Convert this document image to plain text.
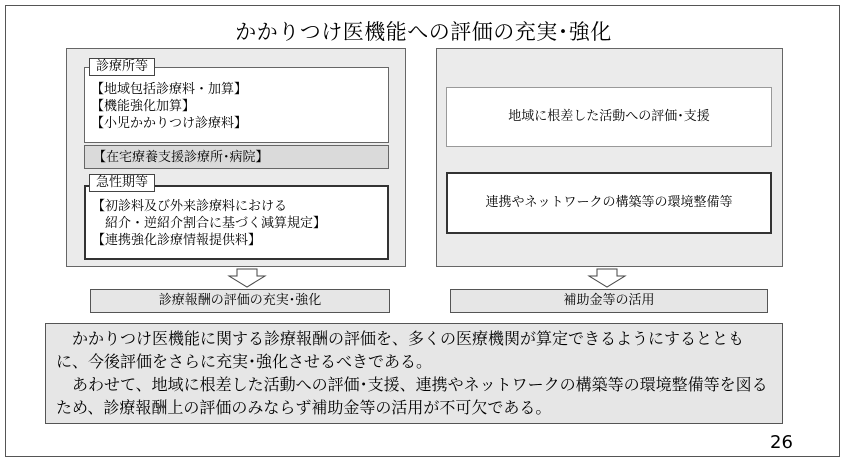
かかりつけ医機能への評価の充実･強化
【地域包括診療料・加算】
【機能強化加算】
【小児かかりつけ診療料】
診療所等
【在宅療養支援診療所･病院】
【初診料及び外来診療料における
　紹介・逆紹介割合に基づく減算規定】
【連携強化診療情報提供料】
急性期等
地域に根差した活動への評価･支援
連携やネットワークの構築等の環境整備等
診療報酬の評価の充実･強化	補助金等の活用

　かかりつけ医機能に関する診療報酬の評価を、多くの医療機関が算定できるようにするとともに、今後評価をさらに充実･強化させるべきである。

　あわせて、地域に根差した活動への評価･支援、連携やネットワークの構築等の環境整備等を図るため、診療報酬上の評価のみならず補助金等の活用が不可欠である。

26
